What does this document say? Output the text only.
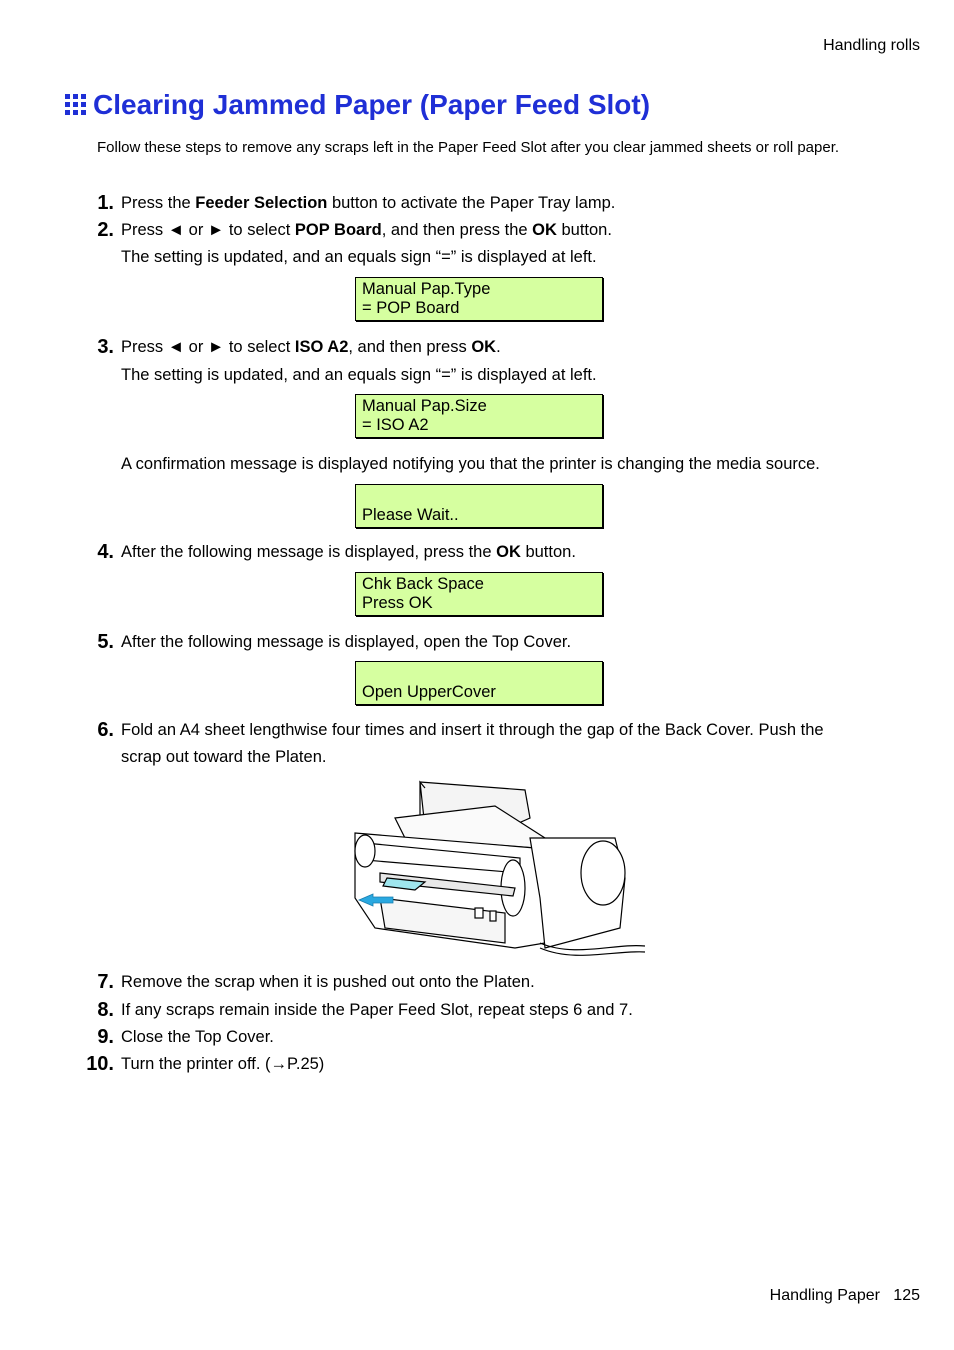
Handling rolls
Clearing Jammed Paper (Paper Feed Slot)
Follow these steps to remove any scraps left in the Paper Feed Slot after you clear jammed sheets or roll paper.
1. Press the Feeder Selection button to activate the Paper Tray lamp.
2. Press ◄ or ► to select POP Board, and then press the OK button.
The setting is updated, and an equals sign “=” is displayed at left.
Manual Pap.Type
= POP Board
3. Press ◄ or ► to select ISO A2, and then press OK.
The setting is updated, and an equals sign “=” is displayed at left.
Manual Pap.Size
= ISO A2
A confirmation message is displayed notifying you that the printer is changing the media source.
Please Wait..
4. After the following message is displayed, press the OK button.
Chk Back Space
Press OK
5. After the following message is displayed, open the Top Cover.
Open UpperCover
6. Fold an A4 sheet lengthwise four times and insert it through the gap of the Back Cover. Push the
scrap out toward the Platen.
7. Remove the scrap when it is pushed out onto the Platen.
8. If any scraps remain inside the Paper Feed Slot, repeat steps 6 and 7.
9. Close the Top Cover.
10. Turn the printer off. (→P.25)
Handling Paper 125
